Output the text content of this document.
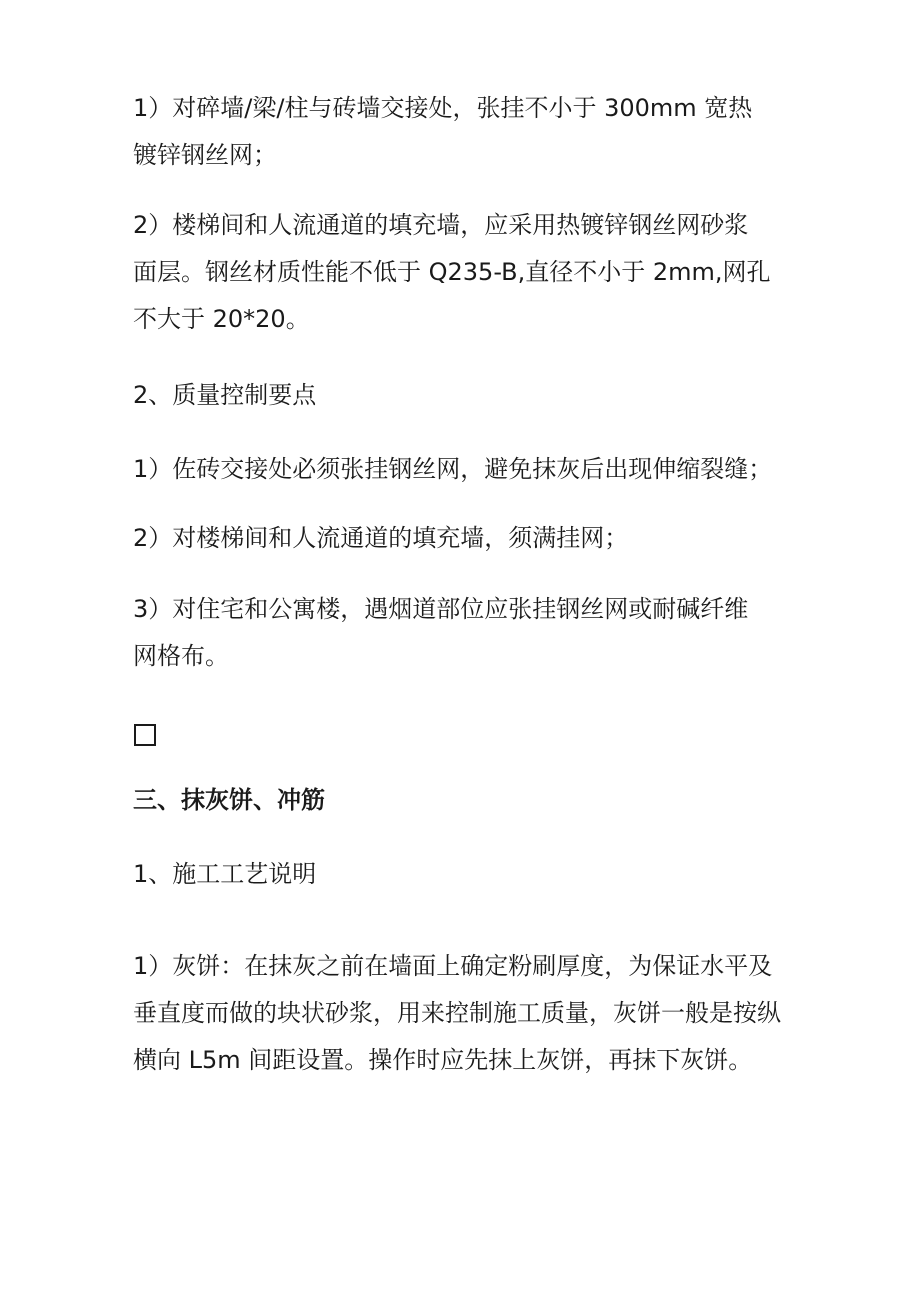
1）对碎墙/梁/柱与砖墙交接处，张挂不小于 300mm 宽热
镀锌钢丝网；

2）楼梯间和人流通道的填充墙，应采用热镀锌钢丝网砂浆
面层。钢丝材质性能不低于 Q235-B,直径不小于 2mm,网孔
不大于 20*20。

2、质量控制要点

1）佐砖交接处必须张挂钢丝网，避免抹灰后出现伸缩裂缝；

2）对楼梯间和人流通道的填充墙，须满挂网；

3）对住宅和公寓楼，遇烟道部位应张挂钢丝网或耐碱纤维
网格布。

三、抹灰饼、冲筋

1、施工工艺说明

1）灰饼：在抹灰之前在墙面上确定粉刷厚度，为保证水平及
垂直度而做的块状砂浆，用来控制施工质量，灰饼一般是按纵
横向 L5m 间距设置。操作时应先抹上灰饼，再抹下灰饼。
